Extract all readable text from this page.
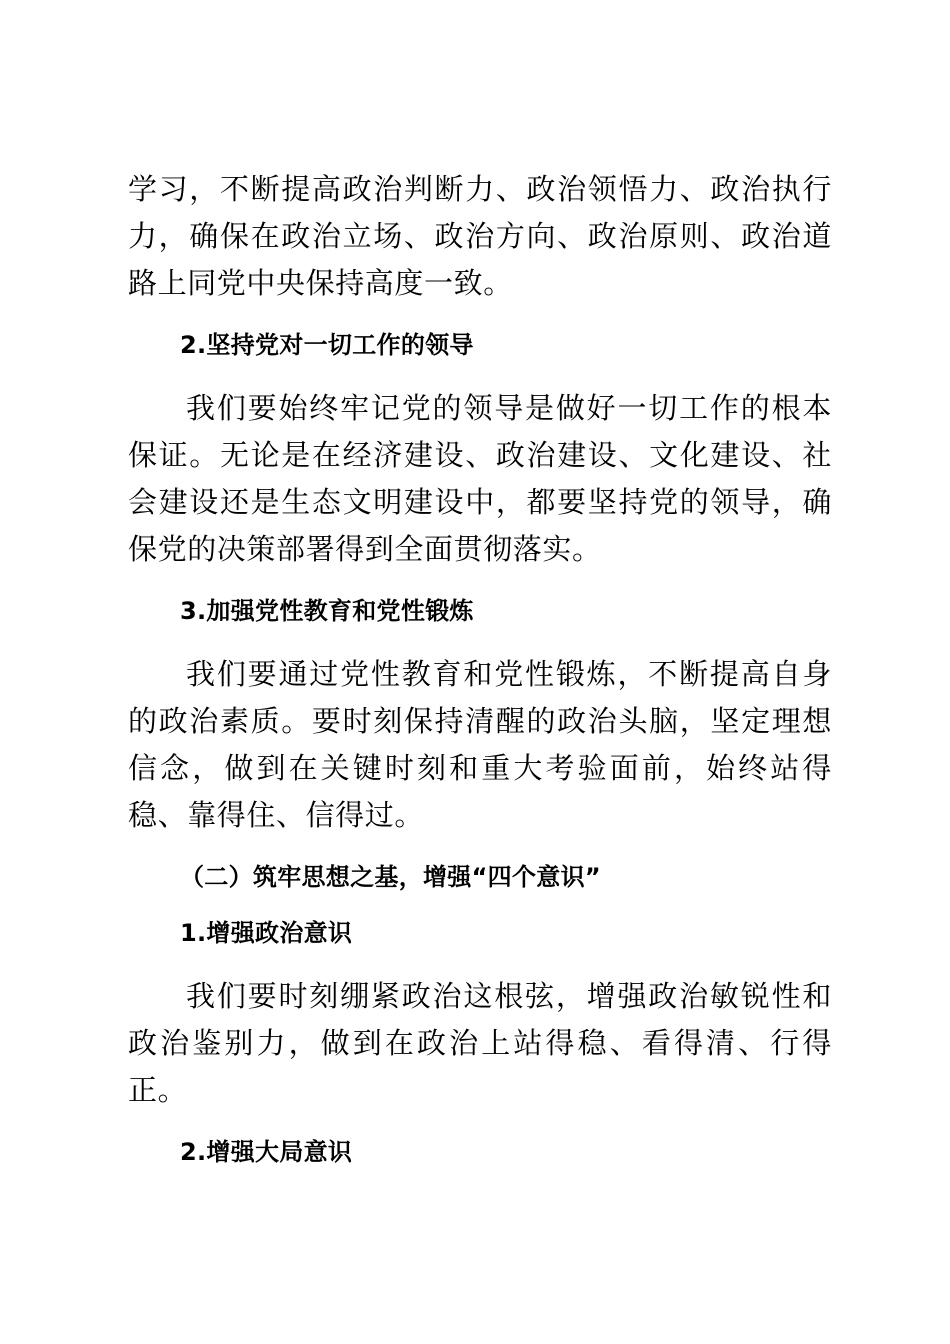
学习，不断提高政治判断力、政治领悟力、政治执行力，确保在政治立场、政治方向、政治原则、政治道路上同党中央保持高度一致。

2.坚持党对一切工作的领导

我们要始终牢记党的领导是做好一切工作的根本保证。无论是在经济建设、政治建设、文化建设、社会建设还是生态文明建设中，都要坚持党的领导，确保党的决策部署得到全面贯彻落实。

3.加强党性教育和党性锻炼

我们要通过党性教育和党性锻炼，不断提高自身的政治素质。要时刻保持清醒的政治头脑，坚定理想信念，做到在关键时刻和重大考验面前，始终站得稳、靠得住、信得过。

（二）筑牢思想之基，增强“四个意识”
1.增强政治意识

我们要时刻绷紧政治这根弦，增强政治敏锐性和政治鉴别力，做到在政治上站得稳、看得清、行得正。

2.增强大局意识
